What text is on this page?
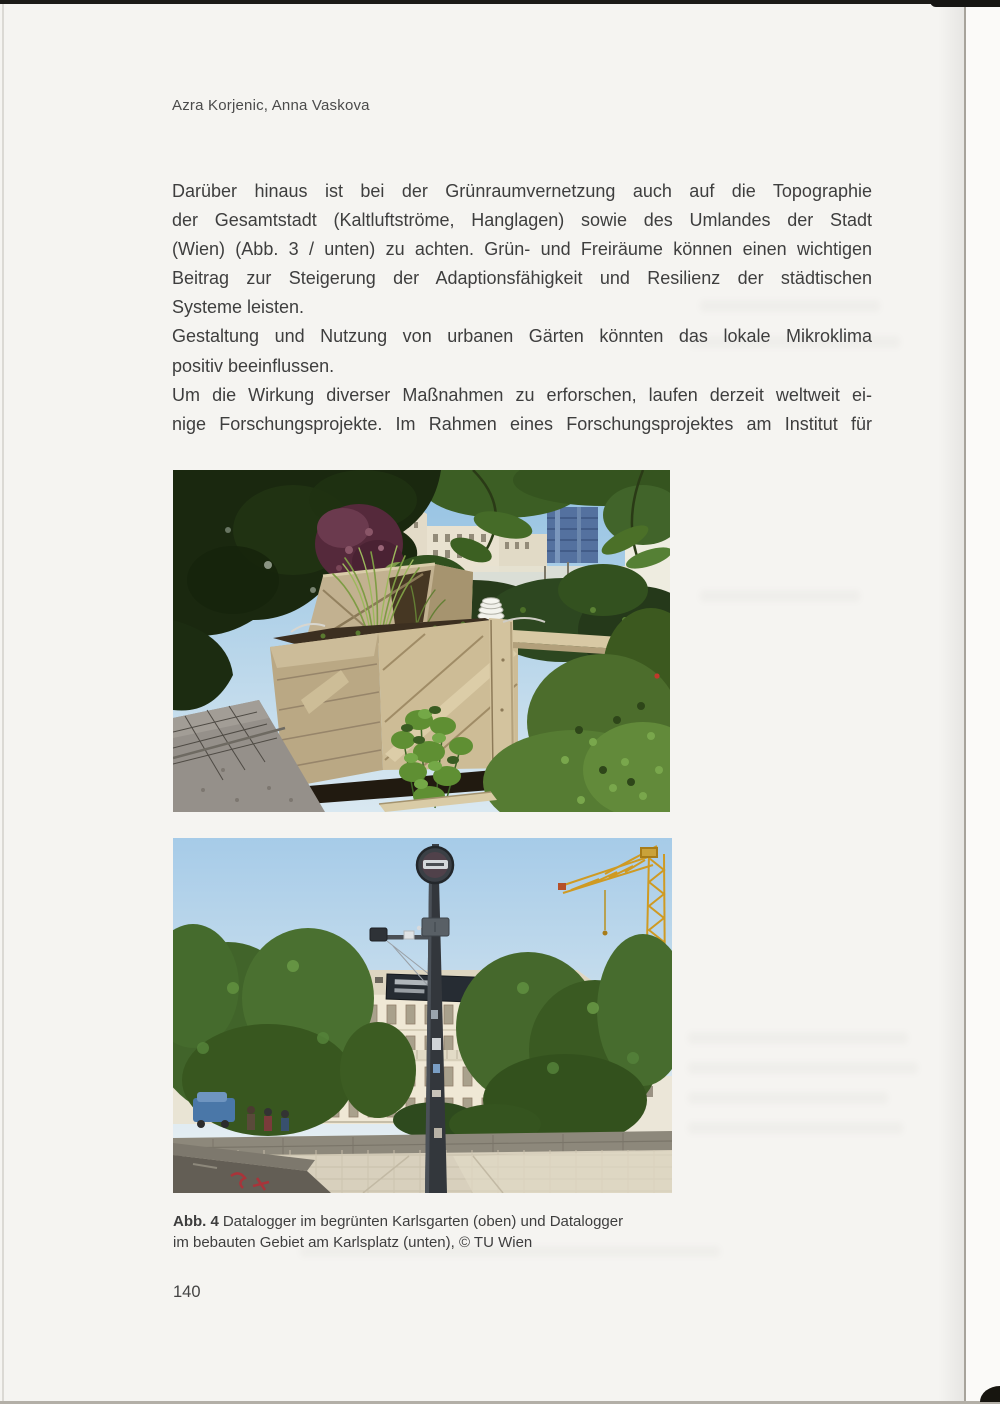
Azra Korjenic, Anna Vaskova
Darüber hinaus ist bei der Grünraumvernetzung auch auf die Topographie
der Gesamtstadt (Kaltluftströme, Hanglagen) sowie des Umlandes der Stadt
(Wien) (Abb. 3 / unten) zu achten. Grün- und Freiräume können einen wichtigen
Beitrag zur Steigerung der Adaptionsfähigkeit und Resilienz der städtischen
Systeme leisten.
Gestaltung und Nutzung von urbanen Gärten könnten das lokale Mikroklima
positiv beeinflussen.
Um die Wirkung diverser Maßnahmen zu erforschen, laufen derzeit weltweit ei-
nige Forschungsprojekte. Im Rahmen eines Forschungsprojektes am Institut für
Abb. 4 Datalogger im begrünten Karlsgarten (oben) und Datalogger
im bebauten Gebiet am Karlsplatz (unten), © TU Wien
140
